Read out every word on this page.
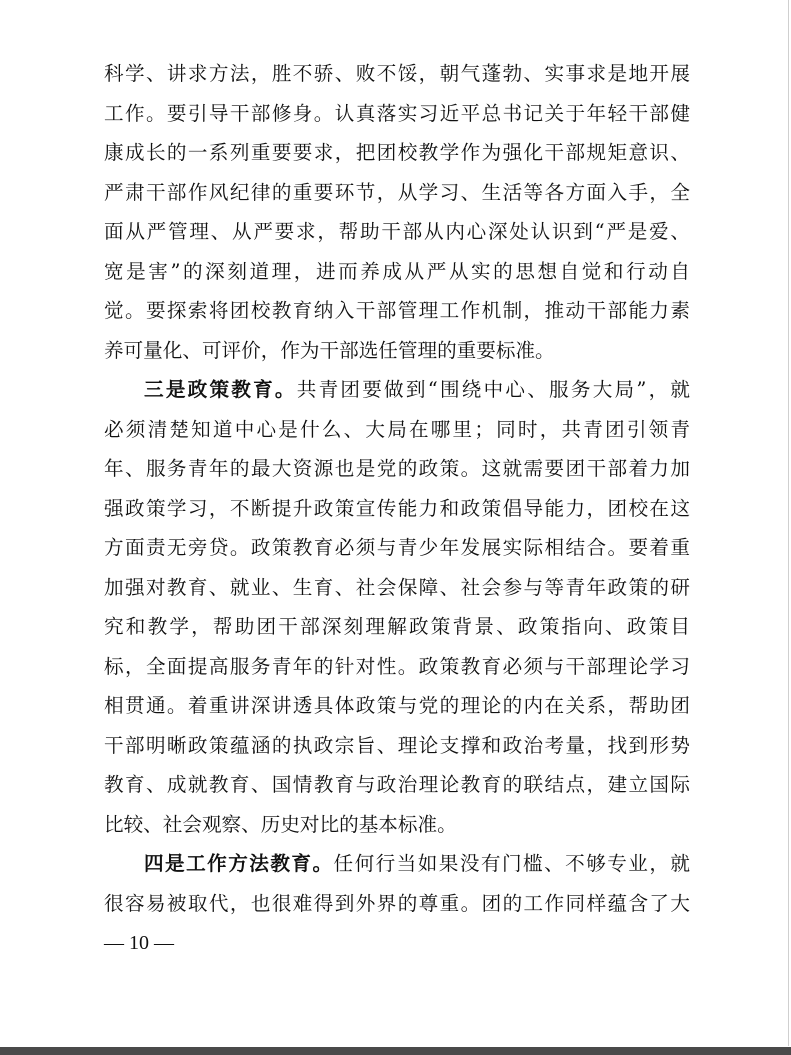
科学、讲求方法，胜不骄、败不馁，朝气蓬勃、实事求是地开展
工作。要引导干部修身。认真落实习近平总书记关于年轻干部健
康成长的一系列重要要求，把团校教学作为强化干部规矩意识、
严肃干部作风纪律的重要环节，从学习、生活等各方面入手，全
面从严管理、从严要求，帮助干部从内心深处认识到“严是爱、
宽是害”的深刻道理，进而养成从严从实的思想自觉和行动自
觉。要探索将团校教育纳入干部管理工作机制，推动干部能力素
养可量化、可评价，作为干部选任管理的重要标准。
三是政策教育。共青团要做到“围绕中心、服务大局”，就
必须清楚知道中心是什么、大局在哪里；同时，共青团引领青
年、服务青年的最大资源也是党的政策。这就需要团干部着力加
强政策学习，不断提升政策宣传能力和政策倡导能力，团校在这
方面责无旁贷。政策教育必须与青少年发展实际相结合。要着重
加强对教育、就业、生育、社会保障、社会参与等青年政策的研
究和教学，帮助团干部深刻理解政策背景、政策指向、政策目
标，全面提高服务青年的针对性。政策教育必须与干部理论学习
相贯通。着重讲深讲透具体政策与党的理论的内在关系，帮助团
干部明晰政策蕴涵的执政宗旨、理论支撑和政治考量，找到形势
教育、成就教育、国情教育与政治理论教育的联结点，建立国际
比较、社会观察、历史对比的基本标准。
四是工作方法教育。任何行当如果没有门槛、不够专业，就
很容易被取代，也很难得到外界的尊重。团的工作同样蕴含了大
— 10 —
